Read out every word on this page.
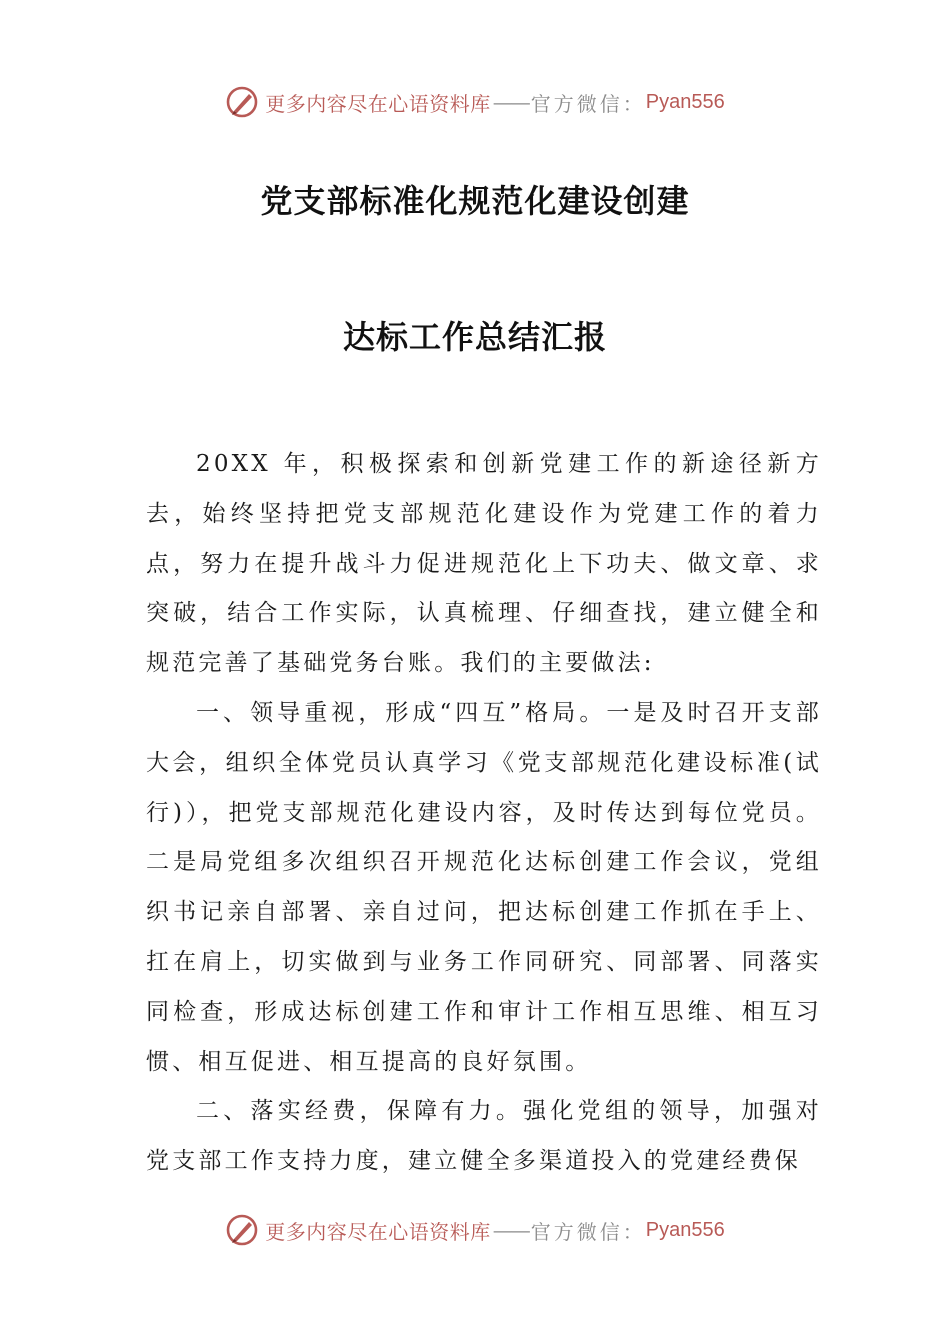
更多内容尽在心语资料库 —— 官方微信： Pyan556
党支部标准化规范化建设创建
达标工作总结汇报

20XX 年，积极探索和创新党建工作的新途径新方去，始终坚持把党支部规范化建设作为党建工作的着力点，努力在提升战斗力促进规范化上下功夫、做文章、求突破，结合工作实际，认真梳理、仔细查找，建立健全和规范完善了基础党务台账。我们的主要做法:

一、领导重视，形成“四互”格局。一是及时召开支部大会，组织全体党员认真学习《党支部规范化建设标准(试行)），把党支部规范化建设内容，及时传达到每位党员。二是局党组多次组织召开规范化达标创建工作会议，党组织书记亲自部署、亲自过问，把达标创建工作抓在手上、扛在肩上，切实做到与业务工作同研究、同部署、同落实同检查，形成达标创建工作和审计工作相互思维、相互习惯、相互促进、相互提高的良好氛围。

二、落实经费，保障有力。强化党组的领导，加强对党支部工作支持力度，建立健全多渠道投入的党建经费保

更多内容尽在心语资料库 —— 官方微信： Pyan556
